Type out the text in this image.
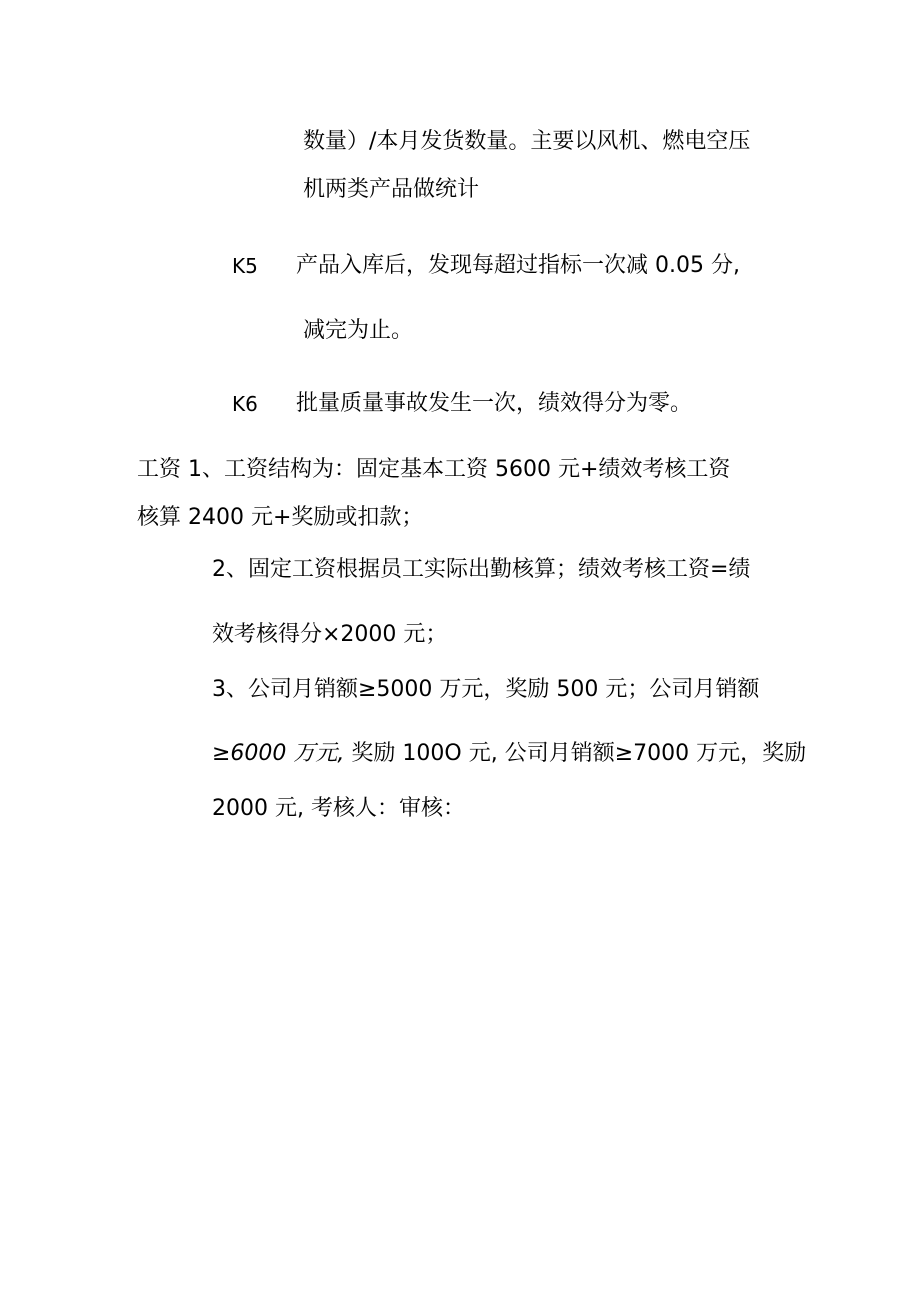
数量）/本月发货数量。主要以风机、燃电空压
机两类产品做统计
K5 产品入库后，发现每超过指标一次减 0.05 分,
减完为止。
K6 批量质量事故发生一次，绩效得分为零。
工资 1、工资结构为：固定基本工资 5600 元+绩效考核工资
核算 2400 元+奖励或扣款；
2、固定工资根据员工实际出勤核算；绩效考核工资=绩
效考核得分×2000 元；
3、公司月销额≥5000 万元，奖励 500 元；公司月销额
≥6000 万元, 奖励 100O 元, 公司月销额≥7000 万元，奖励
2000 元, 考核人：审核：
